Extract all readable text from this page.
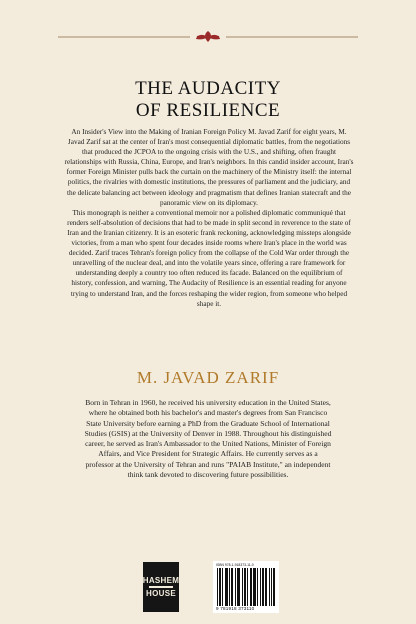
THE AUDACITY
OF RESILIENCE

An Insider's View into the Making of Iranian Foreign Policy M. Javad Zarif for eight years, M. Javad Zarif sat at the center of Iran's most consequential diplomatic battles, from the negotiations that produced the JCPOA to the ongoing crisis with the U.S., and shifting, often fraught relationships with Russia, China, Europe, and Iran's neighbors. In this candid insider account, Iran's former Foreign Minister pulls back the curtain on the machinery of the Ministry itself: the internal politics, the rivalries with domestic institutions, the pressures of parliament and the judiciary, and the delicate balancing act between ideology and pragmatism that defines Iranian statecraft and the panoramic view on its diplomacy.

This monograph is neither a conventional memoir nor a polished diplomatic communiqué that renders self-absolution of decisions that had to be made in split second in reverence to the state of Iran and the Iranian citizenry. It is an esoteric frank reckoning, acknowledging missteps alongside victories, from a man who spent four decades inside rooms where Iran's place in the world was decided. Zarif traces Tehran's foreign policy from the collapse of the Cold War order through the unravelling of the nuclear deal, and into the volatile years since, offering a rare framework for understanding deeply a country too often reduced its facade. Balanced on the equilibrium of history, confession, and warning, The Audacity of Resilience is an essential reading for anyone trying to understand Iran, and the forces reshaping the wider region, from someone who helped shape it.

M. JAVAD ZARIF

Born in Tehran in 1960, he received his university education in the United States, where he obtained both his bachelor's and master's degrees from San Francisco State University before earning a PhD from the Graduate School of International Studies (GSIS) at the University of Denver in 1988. Throughout his distinguished career, he served as Iran's Ambassador to the United Nations, Minister of Foreign Affairs, and Vice President for Strategic Affairs. He currently serves as a professor at the University of Tehran and runs "PAIAB Institute," an independent think tank devoted to discovering future possibilities.

HASHEM
HOUSE
ISBN 978-1-918373-11-0
9 781918 373110
